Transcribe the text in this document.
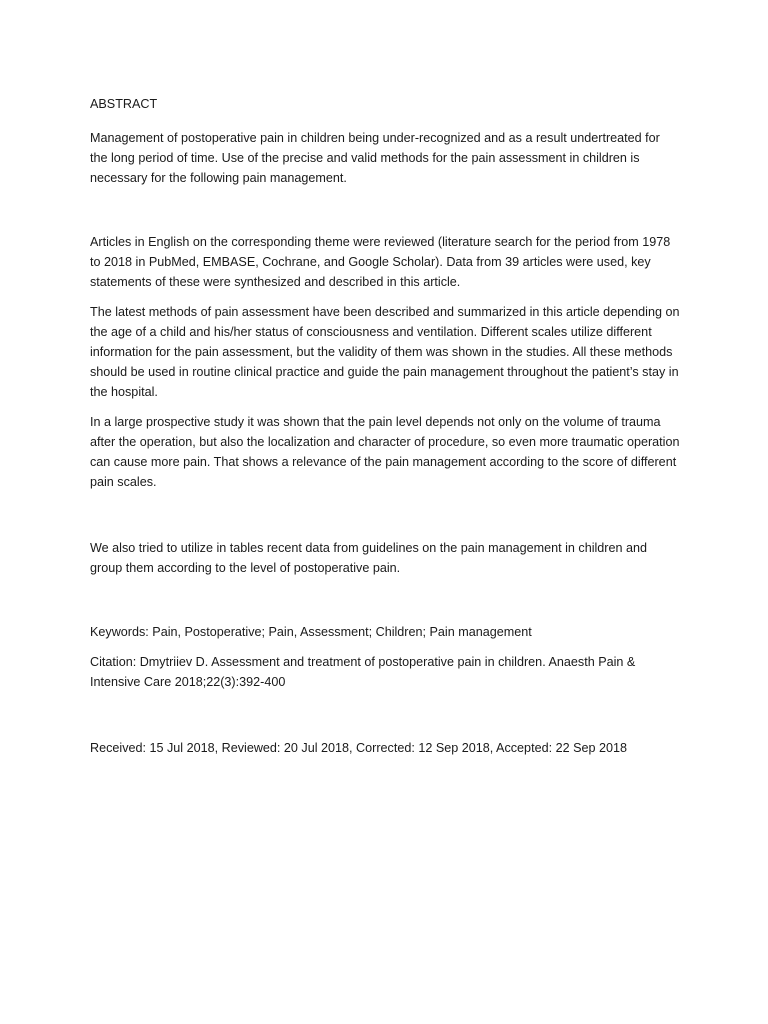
ABSTRACT

Management of postoperative pain in children being under-recognized and as a result undertreated for the long period of time. Use of the precise and valid methods for the pain assessment in children is necessary for the following pain management.

Articles in English on the corresponding theme were reviewed (literature search for the period from 1978 to 2018 in PubMed, EMBASE, Cochrane, and Google Scholar). Data from 39 articles were used, key statements of these were synthesized and described in this article.

The latest methods of pain assessment have been described and summarized in this article depending on the age of a child and his/her status of consciousness and ventilation. Different scales utilize different information for the pain assessment, but the validity of them was shown in the studies. All these methods should be used in routine clinical practice and guide the pain management throughout the patient’s stay in the hospital.

In a large prospective study it was shown that the pain level depends not only on the volume of trauma after the operation, but also the localization and character of procedure, so even more traumatic operation can cause more pain. That shows a relevance of the pain management according to the score of different pain scales.

We also tried to utilize in tables recent data from guidelines on the pain management in children and group them according to the level of postoperative pain.

Keywords: Pain, Postoperative; Pain, Assessment; Children; Pain management

Citation: Dmytriiev D. Assessment and treatment of postoperative pain in children. Anaesth Pain & Intensive Care 2018;22(3):392-400

Received: 15 Jul 2018, Reviewed: 20 Jul 2018, Corrected: 12 Sep 2018, Accepted: 22 Sep 2018
